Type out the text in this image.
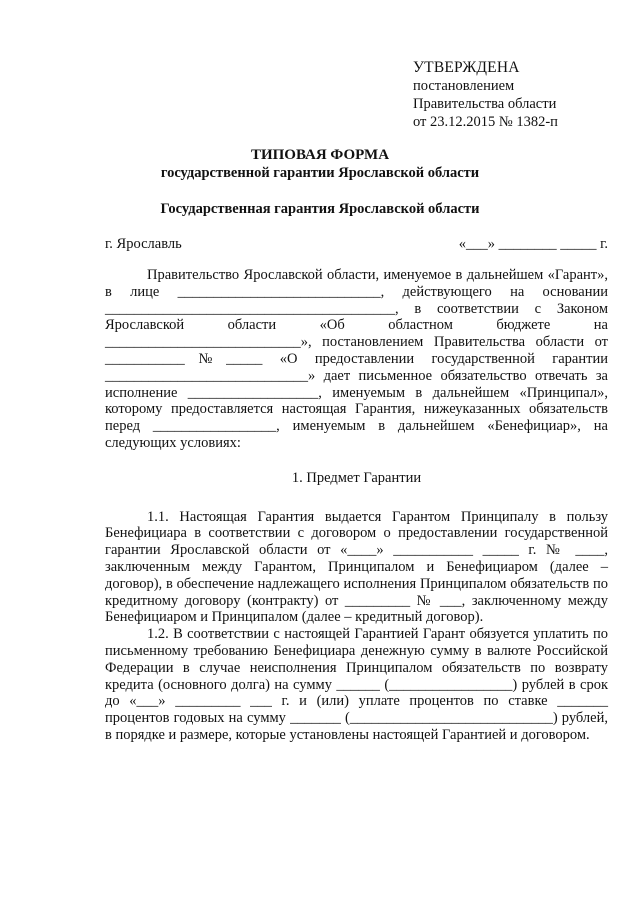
УТВЕРЖДЕНА
постановлением
Правительства области
от 23.12.2015 № 1382-п
ТИПОВАЯ ФОРМА
государственной гарантии Ярославской области
Государственная гарантия Ярославской области
г. Ярославль	«___» ________ _____ г.

Правительство Ярославской области, именуемое в дальнейшем «Гарант», в лице ____________________________, действующего на основании ________________________________________, в соответствии с Законом Ярославской области «Об областном бюджете на ___________________________», постановлением Правительства области от ___________№_____ «О предоставлении государственной гарантии ____________________________» дает письменное обязательство отвечать за исполнение __________________, именуемым в дальнейшем «Принципал», которому предоставляется настоящая Гарантия, нижеуказанных обязательств перед _________________, именуемым в дальнейшем «Бенефициар», на следующих условиях:

1. Предмет Гарантии

1.1. Настоящая Гарантия выдается Гарантом Принципалу в пользу Бенефициара в соответствии с договором о предоставлении государственной гарантии Ярославской области от «____» ___________ _____ г. № ____, заключенным между Гарантом, Принципалом и Бенефициаром (далее – договор), в обеспечение надлежащего исполнения Принципалом обязательств по кредитному договору (контракту) от _________ № ___, заключенному между Бенефициаром и Принципалом (далее – кредитный договор).

1.2. В соответствии с настоящей Гарантией Гарант обязуется уплатить по письменному требованию Бенефициара денежную сумму в валюте Российской Федерации в случае неисполнения Принципалом обязательств по возврату кредита (основного долга) на сумму ______ (_________________) рублей в срок до «___» _________ ___ г. и (или) уплате процентов по ставке _______ процентов годовых на сумму _______ (____________________________) рублей, в порядке и размере, которые установлены настоящей Гарантией и договором.
